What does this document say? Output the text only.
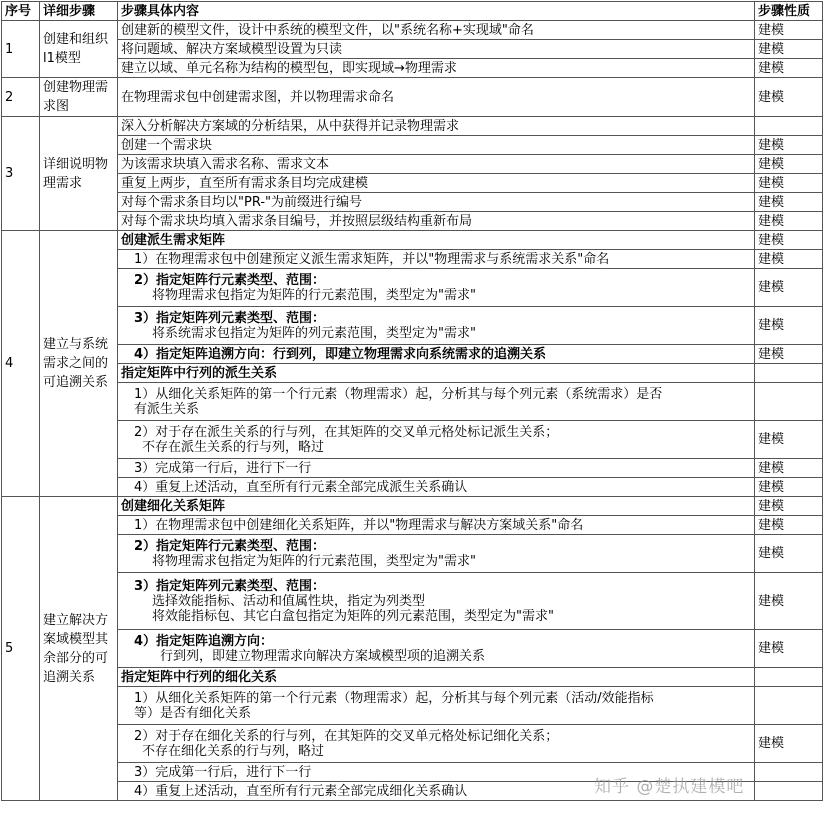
序号	详细步骤	步骤具体内容	步骤性质
1	创建和组织l1模型	创建新的模型文件，设计中系统的模型文件，以"系统名称+实现域"命名	建模
		将问题域、解决方案域模型设置为只读	建模
		建立以域、单元名称为结构的模型包，即实现域→物理需求	建模
2	创建物理需求图	在物理需求包中创建需求图，并以物理需求命名	建模
3	详细说明物理需求	深入分析解决方案域的分析结果，从中获得并记录物理需求	
		创建一个需求块	建模
		为该需求块填入需求名称、需求文本	建模
		重复上两步，直至所有需求条目均完成建模	建模
		对每个需求条目均以"PR-"为前缀进行编号	建模
		对每个需求块均填入需求条目编号，并按照层级结构重新布局	建模
4	建立与系统需求之间的可追溯关系	创建派生需求矩阵	建模
		1）在物理需求包中创建预定义派生需求矩阵，并以"物理需求与系统需求关系"命名	建模

		2）指定矩阵行元素类型、范围：
将物理需求包指定为矩阵的行元素范围，类型定为"需求"	建模

		3）指定矩阵列元素类型、范围：
将系统需求包指定为矩阵的列元素范围，类型定为"需求"	建模
		4）指定矩阵追溯方向：行到列，即建立物理需求向系统需求的追溯关系	建模
		指定矩阵中行列的派生关系	

		1）从细化关系矩阵的第一个行元素（物理需求）起，分析其与每个列元素（系统需求）是否
有派生关系	

		2）对于存在派生关系的行与列，在其矩阵的交叉单元格处标记派生关系；
不存在派生关系的行与列，略过	建模
		3）完成第一行后，进行下一行	建模
		4）重复上述活动，直至所有行元素全部完成派生关系确认	建模
5	建立解决方案域模型其余部分的可追溯关系	创建细化关系矩阵	建模
		1）在物理需求包中创建细化关系矩阵，并以"物理需求与解决方案域关系"命名	建模

		2）指定矩阵行元素类型、范围：
将物理需求包指定为矩阵的行元素范围，类型定为"需求"	建模

		3）指定矩阵列元素类型、范围：
选择效能指标、活动和值属性块，指定为列类型
将效能指标包、其它白盒包指定为矩阵的列元素范围，类型定为"需求"	建模

		4）指定矩阵追溯方向：
行到列，即建立物理需求向解决方案域模型项的追溯关系	建模
		指定矩阵中行列的细化关系	

		1）从细化关系矩阵的第一个行元素（物理需求）起，分析其与每个列元素（活动/效能指标
等）是否有细化关系	

		2）对于存在细化关系的行与列，在其矩阵的交叉单元格处标记细化关系；
不存在细化关系的行与列，略过	建模
		3）完成第一行后，进行下一行	
		4）重复上述活动，直至所有行元素全部完成细化关系确认		知乎 @楚执建模吧
